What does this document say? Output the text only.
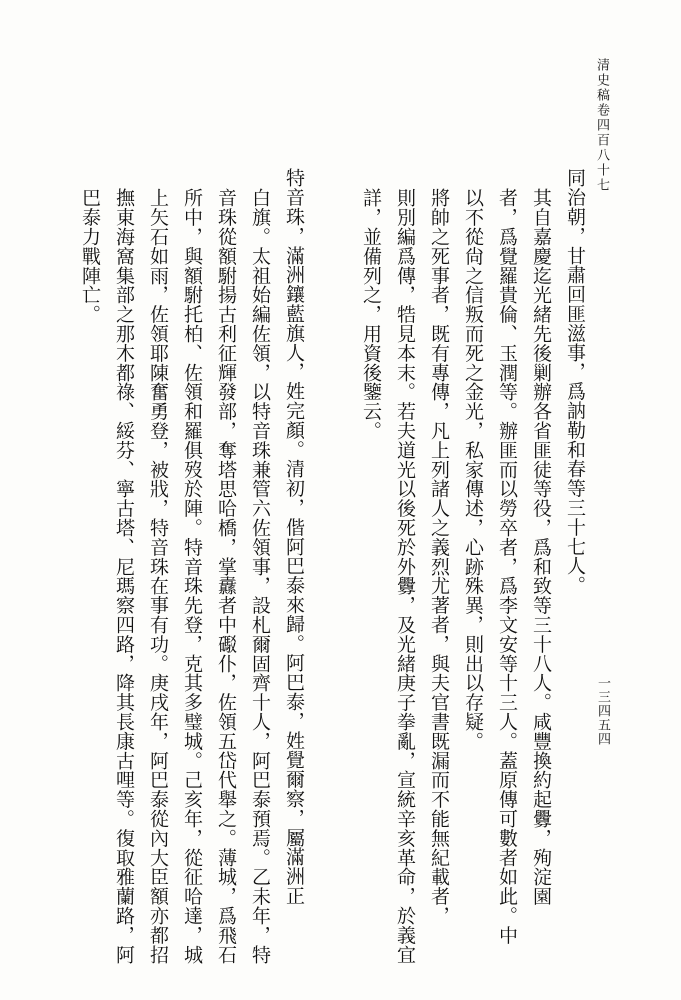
清史稿卷四百八十七
一三四五四
同治朝，甘肅回匪滋事，爲訥勒和春等三十七人。
其自嘉慶迄光緒先後剿辦各省匪徒等役，爲和致等三十八人。咸豐換約起釁，殉淀園
者，爲覺羅貴倫、玉潤等。辦匪而以勞卒者，爲李文安等十三人。蓋原傳可數者如此。中
以不從尙之信叛而死之金光，私家傳述，心跡殊異，則出以存疑。
將帥之死事者，既有專傳，凡上列諸人之義烈尤著者，與夫官書既漏而不能無紀載者，
則別編爲傳，牿見本末。若夫道光以後死於外釁，及光緒庚子拳亂，宣統辛亥革命，於義宜
詳，並備列之，用資後鑒云。
特音珠，滿洲鑲藍旗人，姓完顏。清初，偕阿巴泰來歸。阿巴泰，姓覺爾察，屬滿洲正
白旗。太祖始編佐領，以特音珠兼管六佐領事，設札爾固齊十人，阿巴泰預焉。乙未年，特
音珠從額駙揚古利征輝發部，奪塔思哈橋，掌纛者中礟仆，佐領五岱代舉之。薄城，爲飛石
所中，與額駙托柏、佐領和羅俱歿於陣。特音珠先登，克其多璧城。己亥年，從征哈達，城
上矢石如雨，佐領耶陳奮勇登，被戕，特音珠在事有功。庚戌年，阿巴泰從內大臣額亦都招
撫東海窩集部之那木都祿、綏芬、寧古塔、尼瑪察四路，降其長康古哩等。復取雅蘭路，阿
巴泰力戰陣亡。
